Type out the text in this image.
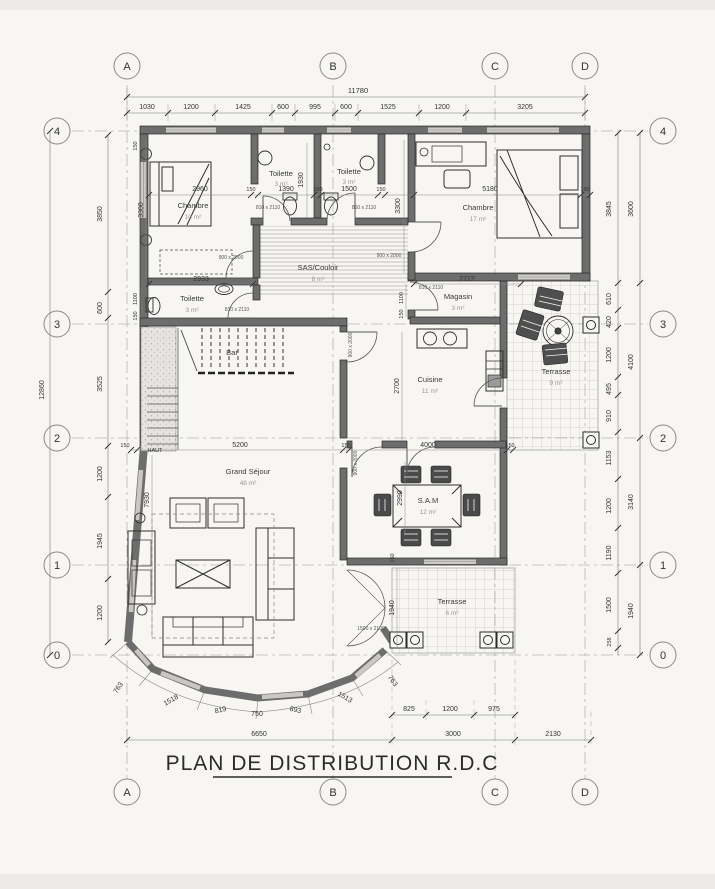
A	B	C	D
A	B	C	D
4
3
2
1
0
4
3
2
1
0
11780
1030	1200	1425	600	995	600	1525	1200	3205
12860
3850
600
3525
1200
1945
1200
3845
610
420
1200
495
910
1153
1200
1190
1500
258
3600
4100
3140
1940
6650	3000	2130
825	1200	975
763
1518
819	750	893
1513
763
2960	150	1390	150	1500	150	5180	150
150
3300
1930
3300
2933	2712
1100
150
1100
150
2700
150	5200	150	4000	150
HAUT
7930	2990
150
1940
810 x 2110	810 x 2110
810 x 2110
810 x 2110
900 x 2000	900 x 2000
900 x 2000
900 x 2000
1500 x 2100
Chambre
10 m²
Toilette
3 m²
Toilette
3 m²
Chambre
17 m²
SAS/Couloir
8 m²
Toilette
3 m²
Magasin
3 m²
Terrasse
9 m²
Cuisine
11 m²
Bar
Grand Séjour
48 m²
S.A.M
12 m²
Terrasse
6 m²
PLAN DE DISTRIBUTION R.D.C
